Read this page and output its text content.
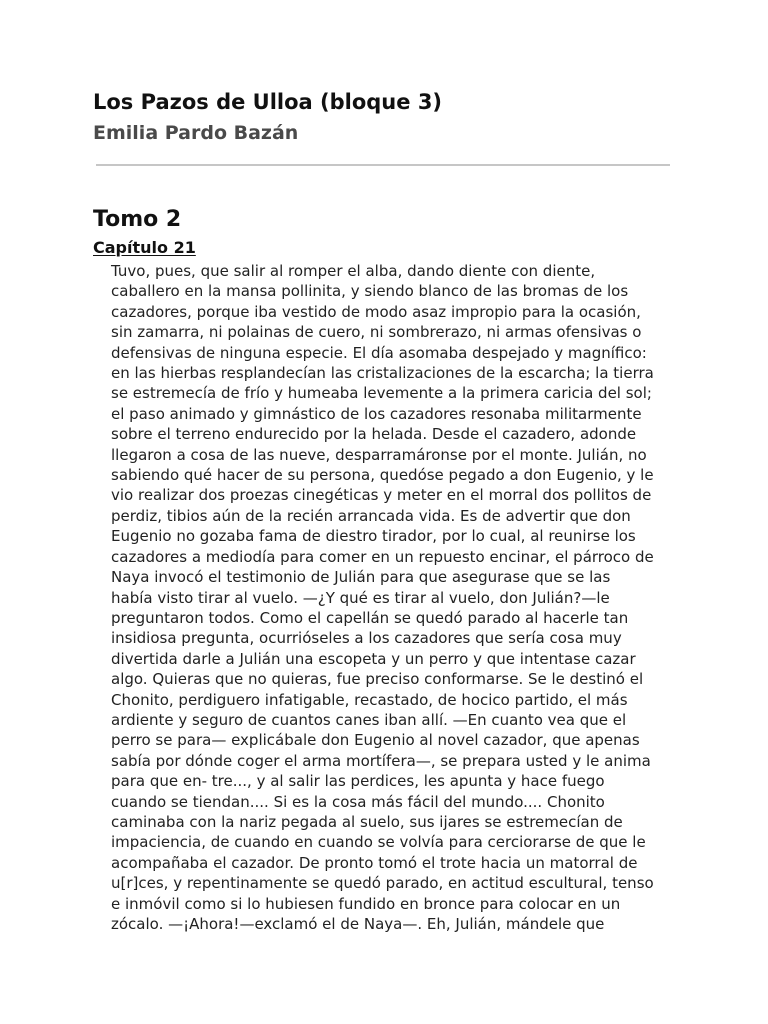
Los Pazos de Ulloa (bloque 3)
Emilia Pardo Bazán
Tomo 2
Capítulo 21
Tuvo, pues, que salir al romper el alba, dando diente con diente,
caballero en la mansa pollinita, y siendo blanco de las bromas de los
cazadores, porque iba vestido de modo asaz impropio para la ocasión,
sin zamarra, ni polainas de cuero, ni sombrerazo, ni armas ofensivas o
defensivas de ninguna especie. El día asomaba despejado y magnífico:
en las hierbas resplandecían las cristalizaciones de la escarcha; la tierra
se estremecía de frío y humeaba levemente a la primera caricia del sol;
el paso animado y gimnástico de los cazadores resonaba militarmente
sobre el terreno endurecido por la helada. Desde el cazadero, adonde
llegaron a cosa de las nueve, desparramáronse por el monte. Julián, no
sabiendo qué hacer de su persona, quedóse pegado a don Eugenio, y le
vio realizar dos proezas cinegéticas y meter en el morral dos pollitos de
perdiz, tibios aún de la recién arrancada vida. Es de advertir que don
Eugenio no gozaba fama de diestro tirador, por lo cual, al reunirse los
cazadores a mediodía para comer en un repuesto encinar, el párroco de
Naya invocó el testimonio de Julián para que asegurase que se las
había visto tirar al vuelo. —¿Y qué es tirar al vuelo, don Julián?—le
preguntaron todos. Como el capellán se quedó parado al hacerle tan
insidiosa pregunta, ocurrióseles a los cazadores que sería cosa muy
divertida darle a Julián una escopeta y un perro y que intentase cazar
algo. Quieras que no quieras, fue preciso conformarse. Se le destinó el
Chonito, perdiguero infatigable, recastado, de hocico partido, el más
ardiente y seguro de cuantos canes iban allí. —En cuanto vea que el
perro se para— explicábale don Eugenio al novel cazador, que apenas
sabía por dónde coger el arma mortífera—, se prepara usted y le anima
para que en- tre..., y al salir las perdices, les apunta y hace fuego
cuando se tiendan.... Si es la cosa más fácil del mundo.... Chonito
caminaba con la nariz pegada al suelo, sus ijares se estremecían de
impaciencia, de cuando en cuando se volvía para cerciorarse de que le
acompañaba el cazador. De pronto tomó el trote hacia un matorral de
u[r]ces, y repentinamente se quedó parado, en actitud escultural, tenso
e inmóvil como si lo hubiesen fundido en bronce para colocar en un
zócalo. —¡Ahora!—exclamó el de Naya—. Eh, Julián, mándele que
